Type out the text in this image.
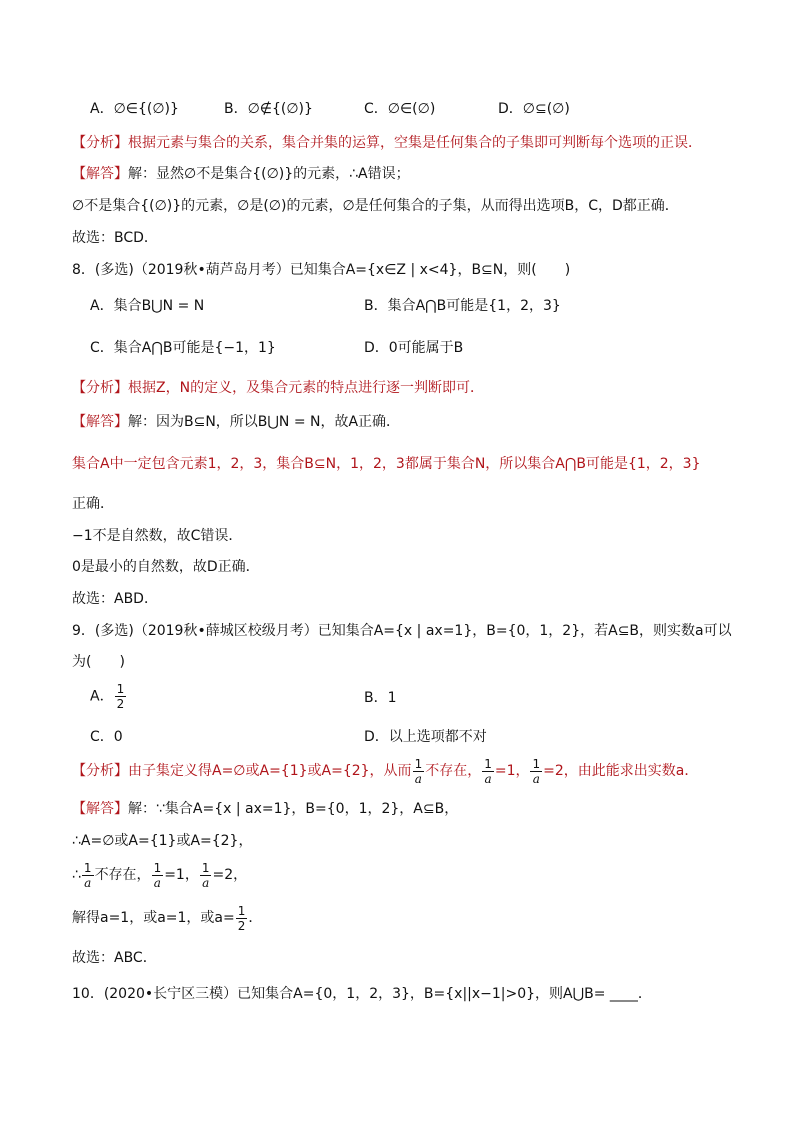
A．∅∈{(∅)}	B．∅∉{(∅)}	C．∅∈(∅)	D．∅⊆(∅)
【分析】根据元素与集合的关系，集合并集的运算，空集是任何集合的子集即可判断每个选项的正误．
【解答】解：显然∅不是集合{(∅)}的元素，∴A错误；
∅不是集合{(∅)}的元素，∅是(∅)的元素，∅是任何集合的子集，从而得出选项B，C，D都正确．
故选：BCD．
8．(多选)（2019秋•葫芦岛月考）已知集合A={x∈Z | x<4}，B⊆N，则(　　)
A．集合B⋃N = N	B．集合A⋂B可能是{1，2，3}
C．集合A⋂B可能是{−1，1}	D．0可能属于B
【分析】根据Z，N的定义，及集合元素的特点进行逐一判断即可．
【解答】解：因为B⊆N，所以B⋃N = N，故A正确．
集合A中一定包含元素1，2，3，集合B⊆N，1，2，3都属于集合N，所以集合A⋂B可能是{1，2，3}
正确．
−1不是自然数，故C错误．
0是最小的自然数，故D正确．
故选：ABD．
9．(多选)（2019秋•薛城区校级月考）已知集合A={x | ax=1}，B={0，1，2}，若A⊆B，则实数a可以
为(　　)
A． $\frac{1}{2}$	B．1
C．0	D．以上选项都不对
【分析】由子集定义得A=∅或A={1}或A={2}，从而 $\frac{1}{a}$ 不存在， $\frac{1}{a} =1$， $\frac{1}{a} =2$，由此能求出实数a．
【解答】解：∵集合A={x | ax=1}，B={0，1，2}，A⊆B，
∴A=∅或A={1}或A={2}，
∴ $\frac{1}{a}$ 不存在， $\frac{1}{a} =1$， $\frac{1}{a} =2$，
解得a=1，或a=1，或$a= \frac{1}{2}$ ．
故选：ABC．
10．(2020•长宁区三模）已知集合A={0，1，2，3}，B={x||x−1|>0}，则A⋃B= ____．
